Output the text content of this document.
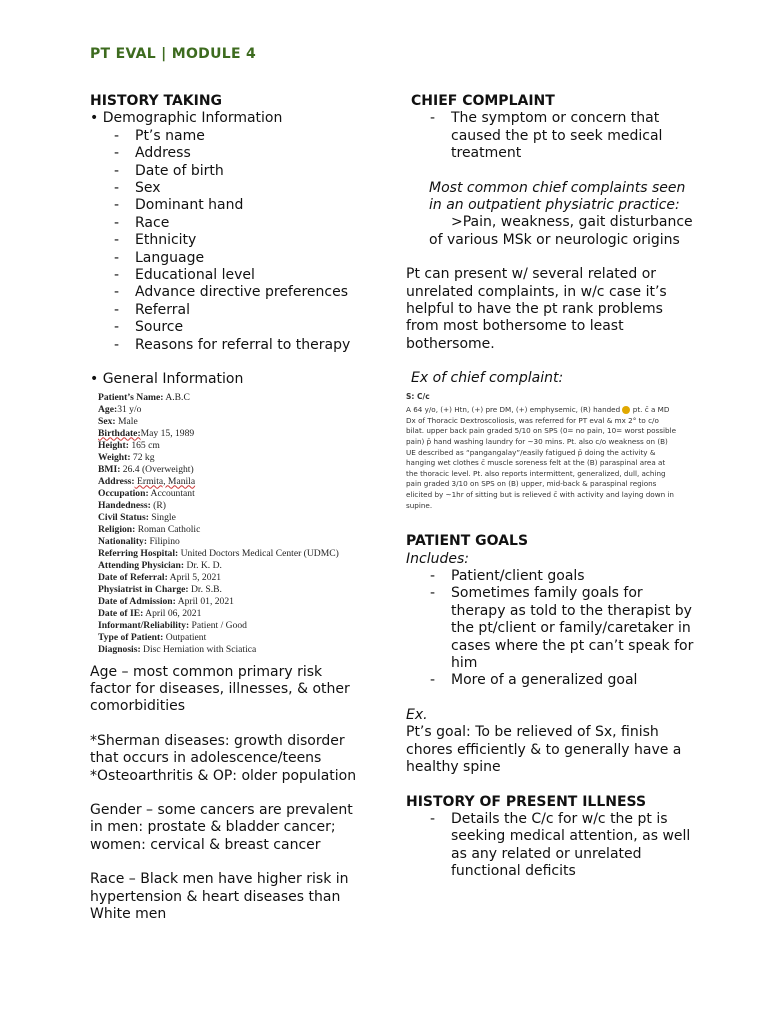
PT EVAL | MODULE 4

HISTORY TAKING

• Demographic Information

- Pt’s name
- Address
- Date of birth
- Sex
- Dominant hand
- Race
- Ethnicity
- Language
- Educational level
- Advance directive preferences
- Referral
- Source
- Reasons for referral to therapy

• General Information

Patient’s Name: A.B.C
Age:31 y/o
Sex: Male
Birthdate:May 15, 1989
Height: 165 cm
Weight: 72 kg
BMI: 26.4 (Overweight)
Address: Ermita, Manila
Occupation: Accountant
Handedness: (R)
Civil Status: Single
Religion: Roman Catholic
Nationality: Filipino
Referring Hospital: United Doctors Medical Center (UDMC)
Attending Physician: Dr. K. D.
Date of Referral: April 5, 2021
Physiatrist in Charge: Dr. S.B.
Date of Admission: April 01, 2021
Date of IE: April 06, 2021
Informant/Reliability: Patient / Good
Type of Patient: Outpatient
Diagnosis: Disc Herniation with Sciatica

Age – most common primary risk factor for diseases, illnesses, & other comorbidities

*Sherman diseases: growth disorder that occurs in adolescence/teens

*Osteoarthritis & OP: older population

Gender – some cancers are prevalent in men: prostate & bladder cancer; women: cervical & breast cancer

Race – Black men have higher risk in hypertension & heart diseases than White men

CHIEF COMPLAINT

- The symptom or concern that caused the pt to seek medical treatment

Most common chief complaints seen in an outpatient physiatric practice:

>Pain, weakness, gait disturbance of various MSk or neurologic origins

Pt can present w/ several related or unrelated complaints, in w/c case it’s helpful to have the pt rank problems from most bothersome to least bothersome.

Ex of chief complaint:

S: C/c
A 64 y/o, (+) Htn, (+) pre DM, (+) emphysemic, (R) handed pt. c̄ a MD Dx of Thoracic Dextroscoliosis, was referred for PT eval & mx 2° to c/o bilat. upper back pain graded 5/10 on SPS (0= no pain, 10= worst possible pain) p̄ hand washing laundry for ~30 mins. Pt. also c/o weakness on (B) UE described as “pangangalay”/easily fatigued p̄ doing the activity & hanging wet clothes c̄ muscle soreness felt at the (B) paraspinal area at the thoracic level. Pt. also reports intermittent, generalized, dull, aching pain graded 3/10 on SPS on (B) upper, mid-back & paraspinal regions elicited by ~1hr of sitting but is relieved c̄ with activity and laying down in supine.

PATIENT GOALS

Includes:

- Patient/client goals
- Sometimes family goals for therapy as told to the therapist by the pt/client or family/caretaker in cases where the pt can’t speak for him
- More of a generalized goal

Ex.

Pt’s goal: To be relieved of Sx, finish chores efficiently & to generally have a healthy spine

HISTORY OF PRESENT ILLNESS

- Details the C/c for w/c the pt is seeking medical attention, as well as any related or unrelated functional deficits
